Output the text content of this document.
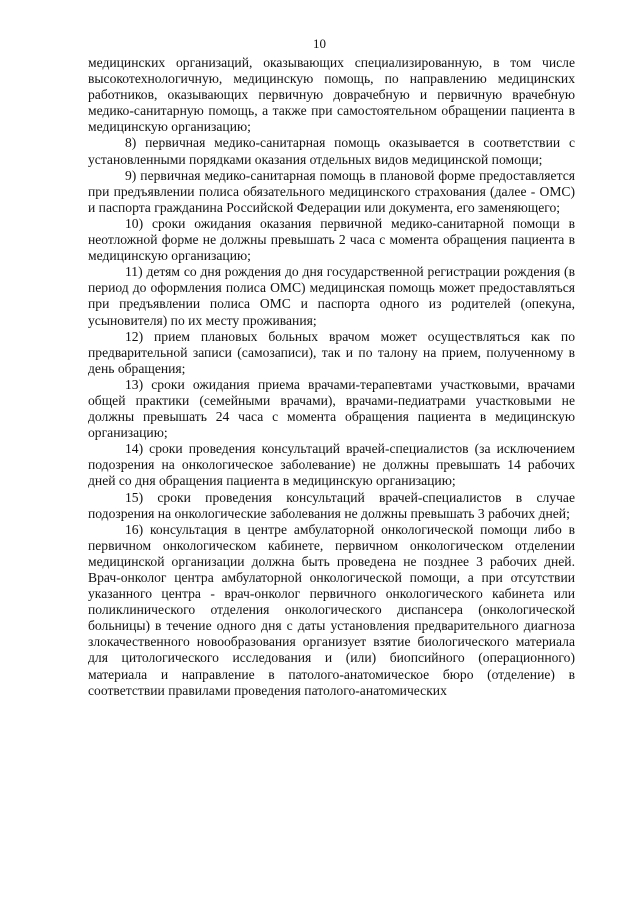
10

медицинских организаций, оказывающих специализированную, в том числе высокотехнологичную, медицинскую помощь, по направлению медицинских работников, оказывающих первичную доврачебную и первичную врачебную медико-санитарную помощь, а также при самостоятельном обращении пациента в медицинскую организацию;

8) первичная медико-санитарная помощь оказывается в соответствии с установленными порядками оказания отдельных видов медицинской помощи;

9) первичная медико-санитарная помощь в плановой форме предоставляется при предъявлении полиса обязательного медицинского страхования (далее - ОМС) и паспорта гражданина Российской Федерации или документа, его заменяющего;

10) сроки ожидания оказания первичной медико-санитарной помощи в неотложной форме не должны превышать 2 часа с момента обращения пациента в медицинскую организацию;

11) детям со дня рождения до дня государственной регистрации рождения (в период до оформления полиса ОМС) медицинская помощь может предоставляться при предъявлении полиса ОМС и паспорта одного из родителей (опекуна, усыновителя) по их месту проживания;

12) прием плановых больных врачом может осуществляться как по предварительной записи (самозаписи), так и по талону на прием, полученному в день обращения;

13) сроки ожидания приема врачами-терапевтами участковыми, врачами общей практики (семейными врачами), врачами-педиатрами участковыми не должны превышать 24 часа с момента обращения пациента в медицинскую организацию;

14) сроки проведения консультаций врачей-специалистов (за исключением подозрения на онкологическое заболевание) не должны превышать 14 рабочих дней со дня обращения пациента в медицинскую организацию;

15) сроки проведения консультаций врачей-специалистов в случае подозрения на онкологические заболевания не должны превышать 3 рабочих дней;

16) консультация в центре амбулаторной онкологической помощи либо в первичном онкологическом кабинете, первичном онкологическом отделении медицинской организации должна быть проведена не позднее 3 рабочих дней. Врач-онколог центра амбулаторной онкологической помощи, а при отсутствии указанного центра - врач-онколог первичного онкологического кабинета или поликлинического отделения онкологического диспансера (онкологической больницы) в течение одного дня с даты установления предварительного диагноза злокачественного новообразования организует взятие биологического материала для цитологического исследования и (или) биопсийного (операционного) материала и направление в патолого-анатомическое бюро (отделение) в соответствии правилами проведения патолого-анатомических
